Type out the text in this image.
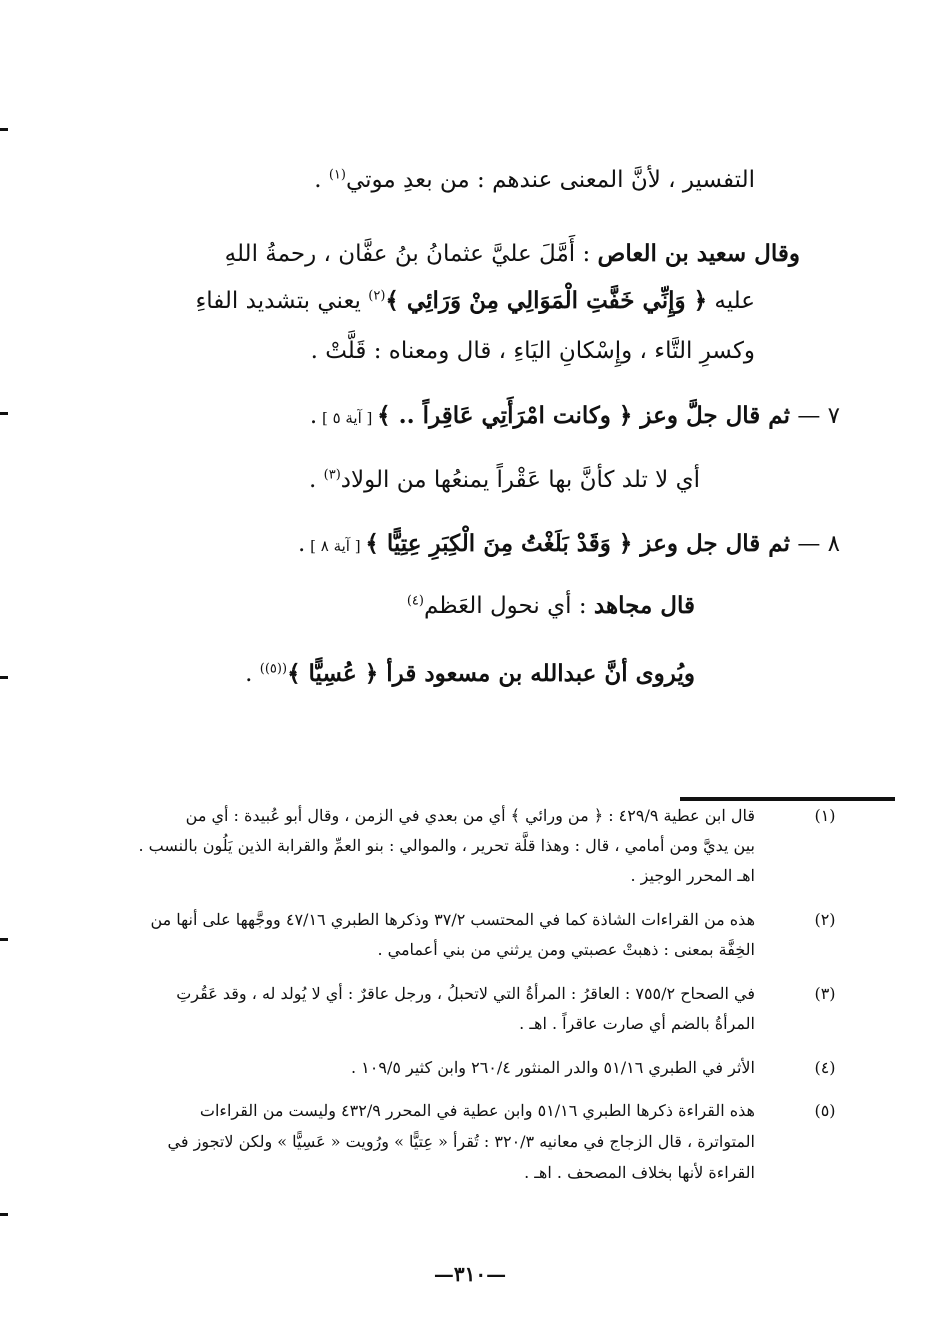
التفسير ، لأنَّ المعنى عندهم : من بعدِ موتي$^{(١)}$ .
وقال سعيد بن العاص : أَمَّلَ عليَّ عثمانُ بنُ عفَّان ، رحمةُ اللهِ
عليه ﴿ وَإِنِّي خَفَّتِ الْمَوَالِي مِنْ وَرَائِي ﴾$^{(٢)}$ يعني بتشديد الفاءِ
وكسرِ التَّاء ، وإِسْكانِ اليَاءِ ، قال ومعناه : قَلَّتْ .
٧ — ثم قال جلَّ وعز ﴿ وكانت امْرَأَتِي عَاقِراً .. ﴾ [ آية ٥ ] .
أي لا تلد كأنَّ بها عَقْراً يمنعُها من الولاد$^{(٣)}$ .
٨ — ثم قال جل وعز ﴿ وَقَدْ بَلَغْتُ مِنَ الْكِبَرِ عِتِيًّا ﴾ [ آية ٨ ] .
قال مجاهد : أي نحول العَظم$^{(٤)}$
ويُروى أنَّ عبدالله بن مسعود قرأ ﴿ عُسِيًّا ﴾$^{((٥))}$ .
(١)
قال ابن عطية ٤٢٩/٩ : ﴿ من ورائي ﴾ أي من بعدي في الزمن ، وقال أبو عُبيدة : أي من
بين يديَّ ومن أمامي ، قال : وهذا قلَّة تحرير ، والموالي : بنو العمِّ والقرابة الذين يَلُون بالنسب .
اهـ المحرر الوجيز .
(٢)
هذه من القراءات الشاذة كما في المحتسب ٣٧/٢ وذكرها الطبري ٤٧/١٦ ووجَّهها على أنها من
الخِفَّة بمعنى : ذهبتْ عصبتي ومن يرثني من بني أعمامي .
(٣)
في الصحاح ٧٥٥/٢ : العاقرُ : المرأةُ التي لاتحبلُ ، ورجل عاقرٌ : أي لا يُولد له ، وقد عَقُرتِ
المرأةُ بالضم أي صارت عاقراً . اهـ .
(٤)
الأثر في الطبري ٥١/١٦ والدر المنثور ٢٦٠/٤ وابن كثير ١٠٩/٥ .
(٥)
هذه القراءة ذكرها الطبري ٥١/١٦ وابن عطية في المحرر ٤٣٢/٩ وليست من القراءات
المتواترة ، قال الزجاج في معانيه ٣٢٠/٣ : تُقرأ « عِتيًّا » ورُويت « عَسِيًّا » ولكن لاتجوز في
القراءة لأنها بخلاف المصحف . اهـ .
—٣١٠—
